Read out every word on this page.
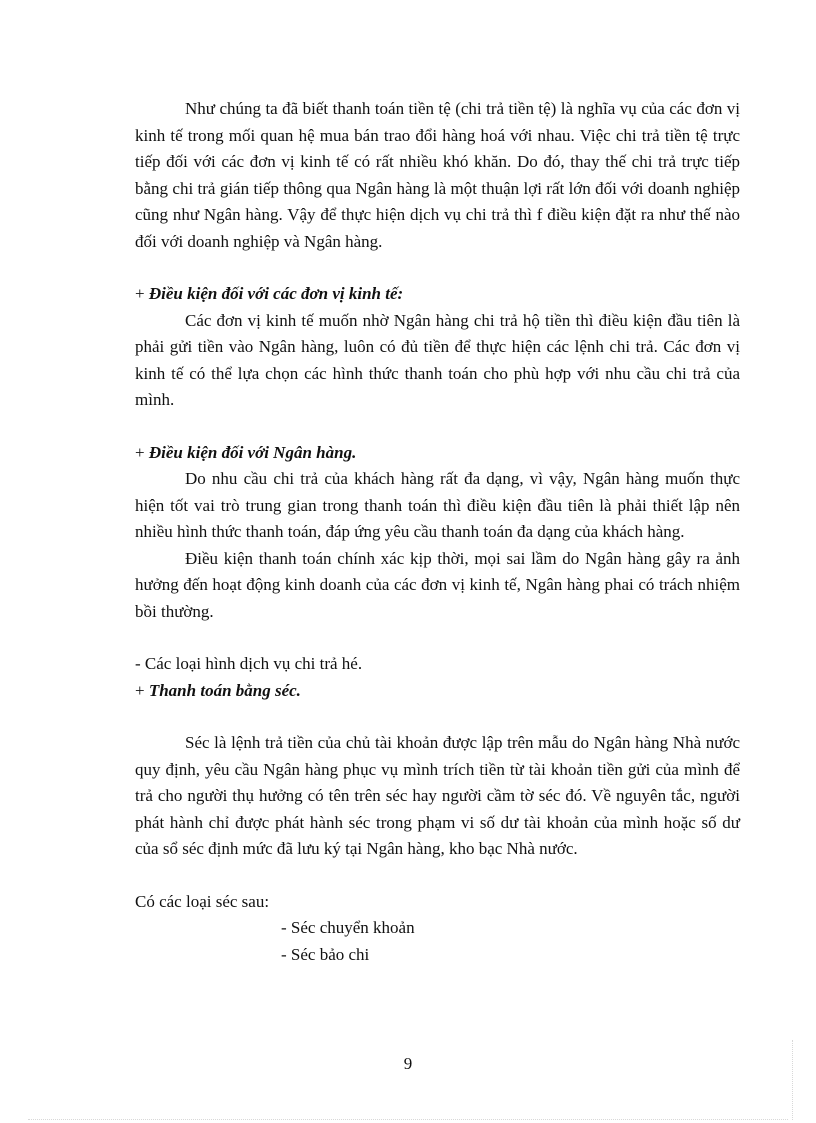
Như chúng ta đã biết thanh toán tiền tệ (chi trả tiền tệ) là nghĩa vụ của các đơn vị kinh tế trong mối quan hệ mua bán trao đổi hàng hoá với nhau. Việc chi trả tiền tệ trực tiếp đối với các đơn vị kinh tế có rất nhiều khó khăn. Do đó, thay thế chi trả trực tiếp bằng chi trả gián tiếp thông qua Ngân hàng là một thuận lợi rất lớn đối với doanh nghiệp cũng như Ngân hàng. Vậy để thực hiện dịch vụ chi trả thì f điều kiện đặt ra như thế nào đối với doanh nghiệp và Ngân hàng.

+ Điều kiện đối với các đơn vị kinh tế:

Các đơn vị kinh tế muốn nhờ Ngân hàng chi trả hộ tiền thì điều kiện đầu tiên là phải gửi tiền vào Ngân hàng, luôn có đủ tiền để thực hiện các lệnh chi trả. Các đơn vị kinh tế có thể lựa chọn các hình thức thanh toán cho phù hợp với nhu cầu chi trả của mình.

+ Điều kiện đối với Ngân hàng.

Do nhu cầu chi trả của khách hàng rất đa dạng, vì vậy, Ngân hàng muốn thực hiện tốt vai trò trung gian trong thanh toán thì điều kiện đầu tiên là phải thiết lập nên nhiều hình thức thanh toán, đáp ứng yêu cầu thanh toán đa dạng của khách hàng.

Điều kiện thanh toán chính xác kịp thời, mọi sai lầm do Ngân hàng gây ra ảnh hưởng đến hoạt động kinh doanh của các đơn vị kinh tế, Ngân hàng phai có trách nhiệm bồi thường.

- Các loại hình dịch vụ chi trả hé.

+ Thanh toán bằng séc.

Séc là lệnh trả tiền của chủ tài khoản được lập trên mẫu do Ngân hàng Nhà nước quy định, yêu cầu Ngân hàng phục vụ mình trích tiền từ tài khoản tiền gửi của mình để trả cho người thụ hưởng có tên trên séc hay người cầm tờ séc đó. Về nguyên tắc, người phát hành chỉ được phát hành séc trong phạm vi số dư tài khoản của mình hoặc số dư của sổ séc định mức đã lưu ký tại Ngân hàng, kho bạc Nhà nước.

Có các loại séc sau:

- Séc chuyển khoản
- Séc bảo chi
9
